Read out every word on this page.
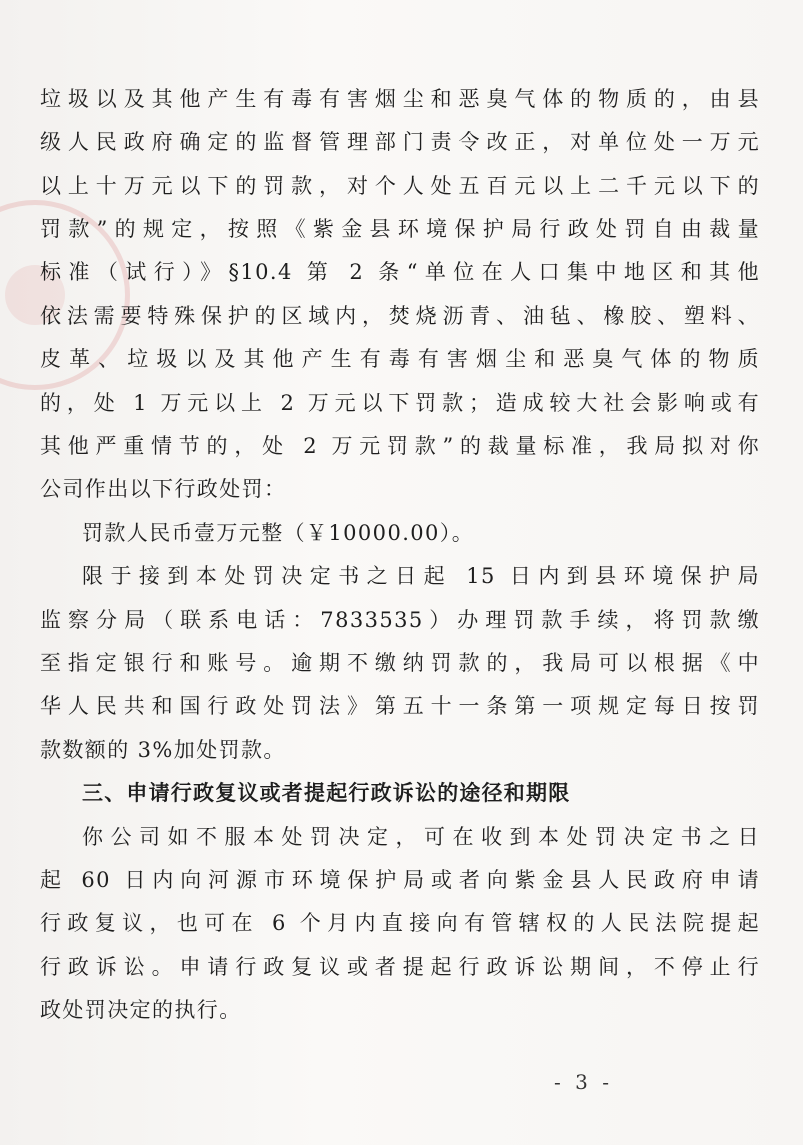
垃圾以及其他产生有毒有害烟尘和恶臭气体的物质的，由县
级人民政府确定的监督管理部门责令改正，对单位处一万元
以上十万元以下的罚款，对个人处五百元以上二千元以下的
罚款”的规定，按照《紫金县环境保护局行政处罚自由裁量
标准（试行）》§10.4 第 2 条“单位在人口集中地区和其他
依法需要特殊保护的区域内，焚烧沥青、油毡、橡胶、塑料、
皮革、垃圾以及其他产生有毒有害烟尘和恶臭气体的物质
的，处 1 万元以上 2 万元以下罚款；造成较大社会影响或有
其他严重情节的，处 2 万元罚款”的裁量标准，我局拟对你
公司作出以下行政处罚：
罚款人民币壹万元整（￥10000.00）。
限于接到本处罚决定书之日起 15 日内到县环境保护局
监察分局（联系电话：7833535）办理罚款手续，将罚款缴
至指定银行和账号。逾期不缴纳罚款的，我局可以根据《中
华人民共和国行政处罚法》第五十一条第一项规定每日按罚
款数额的 3%加处罚款。
三、申请行政复议或者提起行政诉讼的途径和期限
你公司如不服本处罚决定，可在收到本处罚决定书之日
起 60 日内向河源市环境保护局或者向紫金县人民政府申请
行政复议，也可在 6 个月内直接向有管辖权的人民法院提起
行政诉讼。申请行政复议或者提起行政诉讼期间，不停止行
政处罚决定的执行。
- 3 -
